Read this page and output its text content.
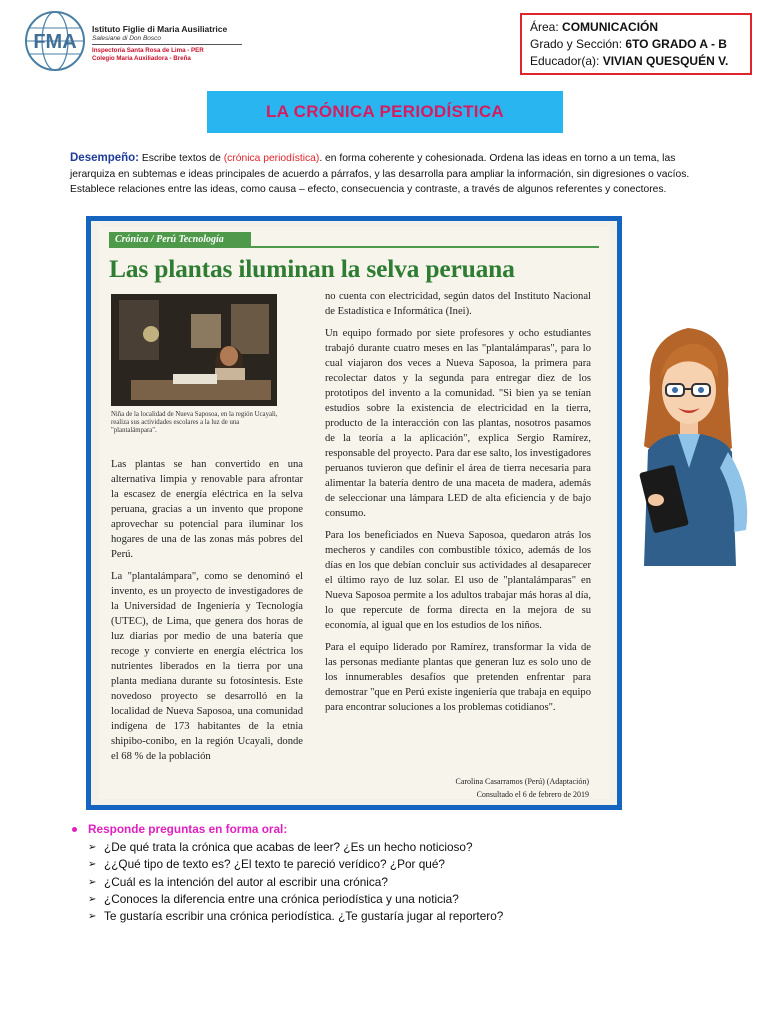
FMA
Istituto Figlie di Maria Ausiliatrice
Salesiane di Don Bosco
Inspectoría Santa Rosa de Lima - PER
Colegio María Auxiliadora - Breña
Área: COMUNICACIÓN
Grado y Sección: 6TO GRADO A - B
Educador(a): VIVIAN QUESQUÉN V.
LA CRÓNICA PERIODÍSTICA
Desempeño: Escribe textos de (crónica periodística). en forma coherente y cohesionada. Ordena las ideas en torno a un tema, las jerarquiza en subtemas e ideas principales de acuerdo a párrafos, y las desarrolla para ampliar la información, sin digresiones o vacíos. Establece relaciones entre las ideas, como causa – efecto, consecuencia y contraste, a través de algunos referentes y conectores.
Crónica / Perú Tecnología
Las plantas iluminan la selva peruana
Niña de la localidad de Nueva Saposoa, en la región Ucayali, realiza sus actividades escolares a la luz de una "plantalámpara".

Las plantas se han convertido en una alternativa limpia y renovable para afrontar la escasez de energía eléctrica en la selva peruana, gracias a un invento que propone aprovechar su potencial para iluminar los hogares de una de las zonas más pobres del Perú.

La "plantalámpara", como se denominó el invento, es un proyecto de investigadores de la Universidad de Ingeniería y Tecnología (UTEC), de Lima, que genera dos horas de luz diarias por medio de una batería que recoge y convierte en energía eléctrica los nutrientes liberados en la tierra por una planta mediana durante su fotosíntesis. Este novedoso proyecto se desarrolló en la localidad de Nueva Saposoa, una comunidad indígena de 173 habitantes de la etnia shipibo-conibo, en la región Ucayali, donde el 68 % de la población

no cuenta con electricidad, según datos del Instituto Nacional de Estadística e Informática (Inei).

Un equipo formado por siete profesores y ocho estudiantes trabajó durante cuatro meses en las "plantalámparas", para lo cual viajaron dos veces a Nueva Saposoa, la primera para recolectar datos y la segunda para entregar diez de los prototipos del invento a la comunidad. "Si bien ya se tenían estudios sobre la existencia de electricidad en la tierra, producto de la interacción con las plantas, nosotros pasamos de la teoría a la aplicación", explica Sergio Ramírez, responsable del proyecto. Para dar ese salto, los investigadores peruanos tuvieron que definir el área de tierra necesaria para alimentar la batería dentro de una maceta de madera, además de seleccionar una lámpara LED de alta eficiencia y de bajo consumo.

Para los beneficiados en Nueva Saposoa, quedaron atrás los mecheros y candiles con combustible tóxico, además de los días en los que debían concluir sus actividades al desaparecer el último rayo de luz solar. El uso de "plantalámparas" en Nueva Saposoa permite a los adultos trabajar más horas al día, lo que repercute de forma directa en la mejora de su economía, al igual que en los estudios de los niños.

Para el equipo liderado por Ramírez, transformar la vida de las personas mediante plantas que generan luz es solo uno de los innumerables desafíos que pretenden enfrentar para demostrar "que en Perú existe ingeniería que trabaja en equipo para encontrar soluciones a los problemas cotidianos".

Carolina Casarramos (Perú) (Adaptación)
Consultado el 6 de febrero de 2019
Responde preguntas en forma oral:
➢ ¿De qué trata la crónica que acabas de leer? ¿Es un hecho noticioso?
➢ ¿¿Qué tipo de texto es? ¿El texto te pareció verídico? ¿Por qué?
➢ ¿Cuál es la intención del autor al escribir una crónica?
➢ ¿Conoces la diferencia entre una crónica periodística y una noticia?
➢ Te gustaría escribir una crónica periodística. ¿Te gustaría jugar al reportero?
